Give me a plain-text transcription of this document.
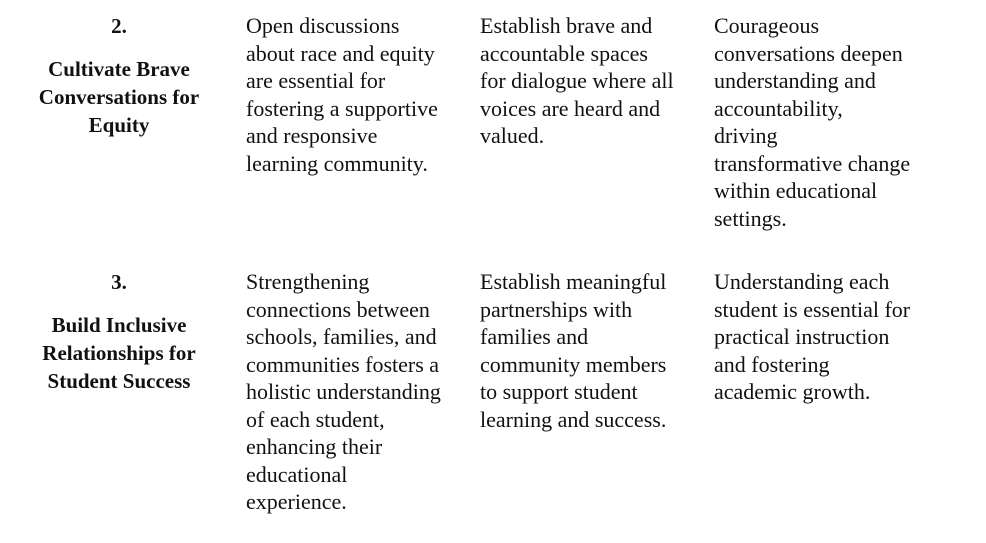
2.
Cultivate Brave
Conversations for
Equity
Open discussions
about race and equity
are essential for
fostering a supportive
and responsive
learning community.
Establish brave and
accountable spaces
for dialogue where all
voices are heard and
valued.
Courageous
conversations deepen
understanding and
accountability,
driving
transformative change
within educational
settings.
3.
Build Inclusive
Relationships for
Student Success
Strengthening
connections between
schools, families, and
communities fosters a
holistic understanding
of each student,
enhancing their
educational
experience.
Establish meaningful
partnerships with
families and
community members
to support student
learning and success.
Understanding each
student is essential for
practical instruction
and fostering
academic growth.
